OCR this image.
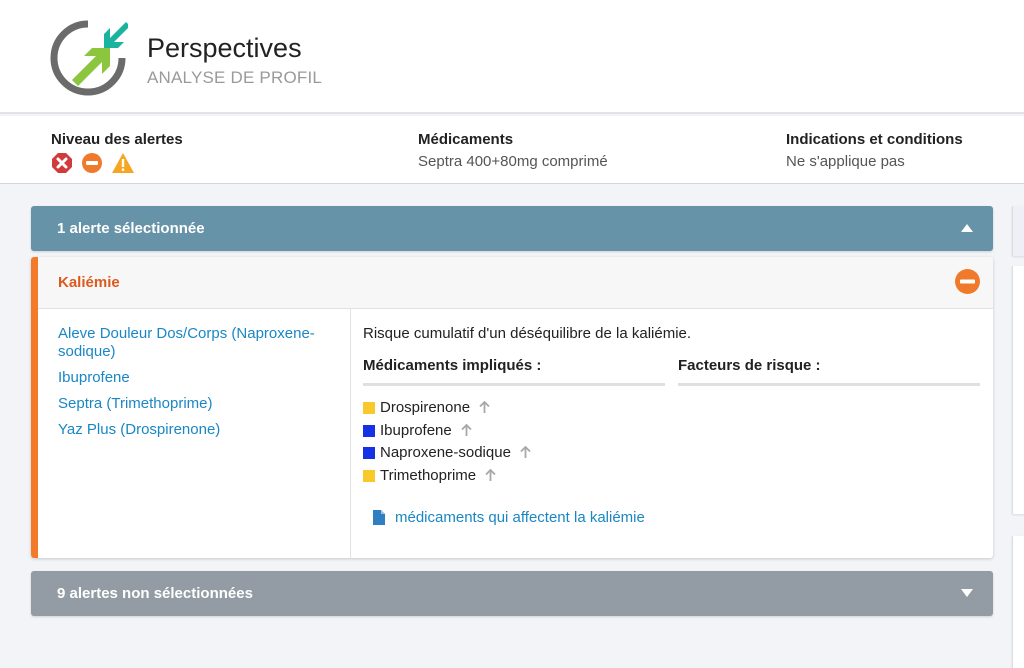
Perspectives
ANALYSE DE PROFIL
Niveau des alertes	Médicaments
Septra 400+80mg comprimé
Indications et conditions
Ne s'applique pas
1 alerte sélectionnée
Kaliémie
Aleve Douleur Dos/Corps (Naproxene-sodique)
Ibuprofene
Septra (Trimethoprime)
Yaz Plus (Drospirenone)
Risque cumulatif d'un déséquilibre de la kaliémie.
Médicaments impliqués :	Facteurs de risque :
Drospirenone
Ibuprofene
Naproxene-sodique
Trimethoprime
médicaments qui affectent la kaliémie
9 alertes non sélectionnées
